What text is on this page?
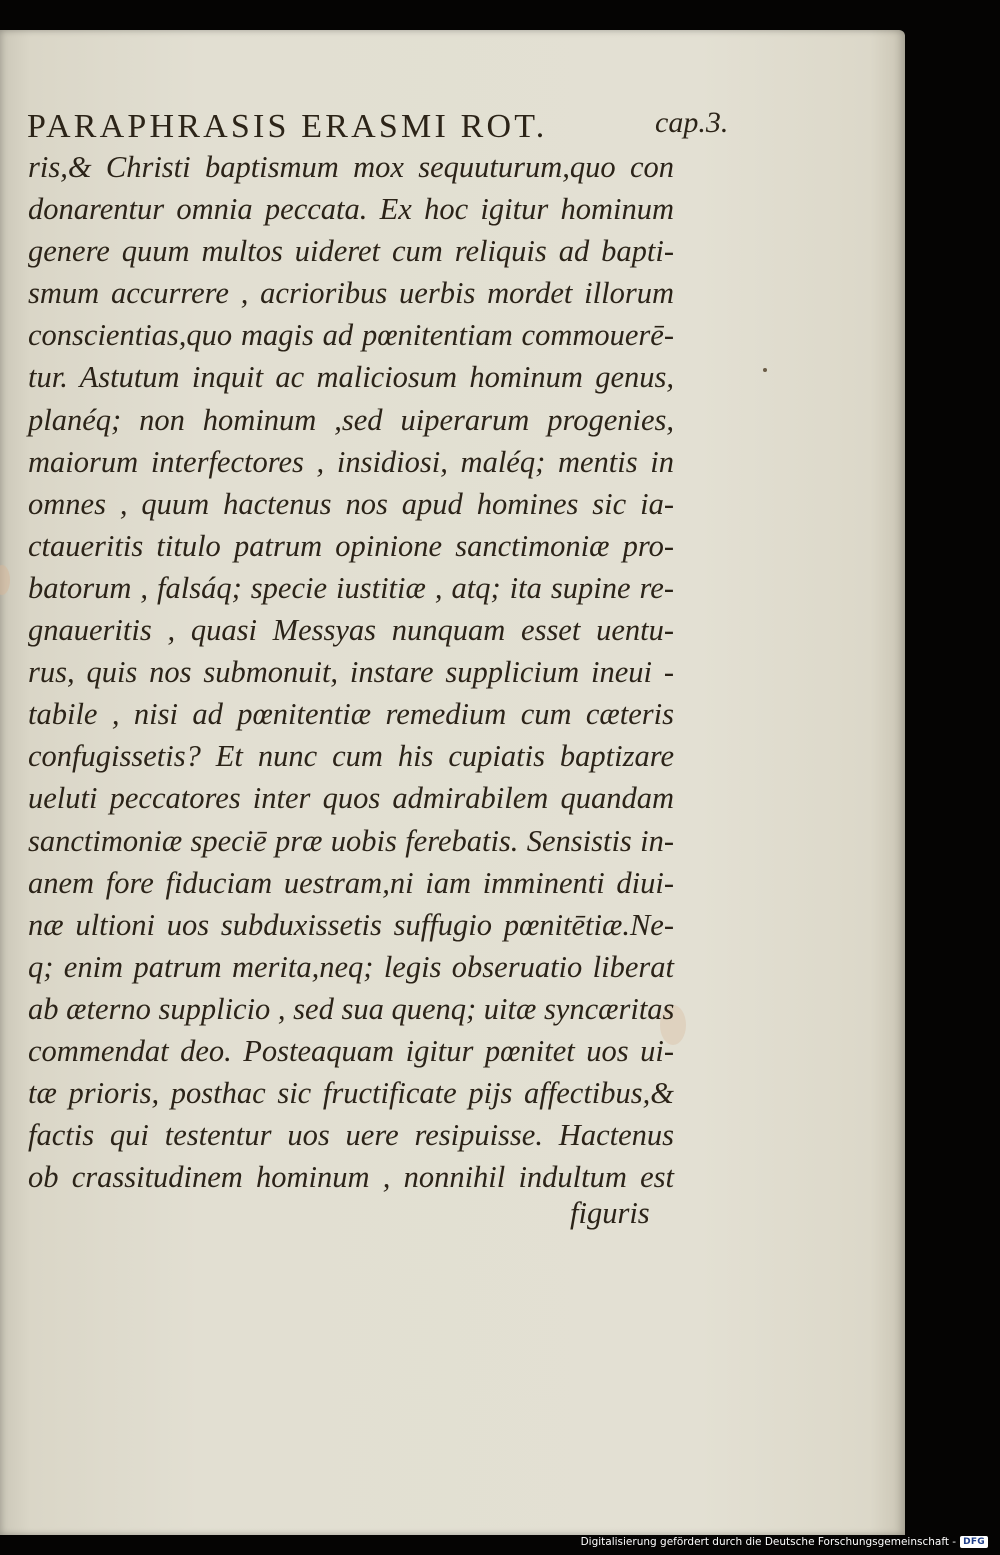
PARAPHRASIS ERASMI ROT.	cap.3.
ris,& Christi baptismum mox sequuturum,quo con
donarentur omnia peccata. Ex hoc igitur hominum
genere quum multos uideret cum reliquis ad bapti-
smum accurrere , acrioribus uerbis mordet illorum
conscientias,quo magis ad pœnitentiam commouerē-
tur. Astutum inquit ac maliciosum hominum genus,
planéq; non hominum ,sed uiperarum progenies,
maiorum interfectores , insidiosi, maléq; mentis in
omnes , quum hactenus nos apud homines sic ia-
ctaueritis titulo patrum opinione sanctimoniæ pro-
batorum , falsáq; specie iustitiæ , atq; ita supine re-
gnaueritis , quasi Messyas nunquam esset uentu-
rus, quis nos submonuit, instare supplicium ineui -
tabile , nisi ad pœnitentiæ remedium cum cæteris
confugissetis? Et nunc cum his cupiatis baptizare
ueluti peccatores inter quos admirabilem quandam
sanctimoniæ speciē præ uobis ferebatis. Sensistis in-
anem fore fiduciam uestram,ni iam imminenti diui-
næ ultioni uos subduxissetis suffugio pœnitētiæ.Ne-
q; enim patrum merita,neq; legis obseruatio liberat
ab æterno supplicio , sed sua quenq; uitæ syncæritas
commendat deo. Posteaquam igitur pœnitet uos ui-
tæ prioris, posthac sic fructificate pijs affectibus,&
factis qui testentur uos uere resipuisse. Hactenus
ob crassitudinem hominum , nonnihil indultum est
figuris
Digitalisierung gefördert durch die Deutsche Forschungsgemeinschaft - DFG
